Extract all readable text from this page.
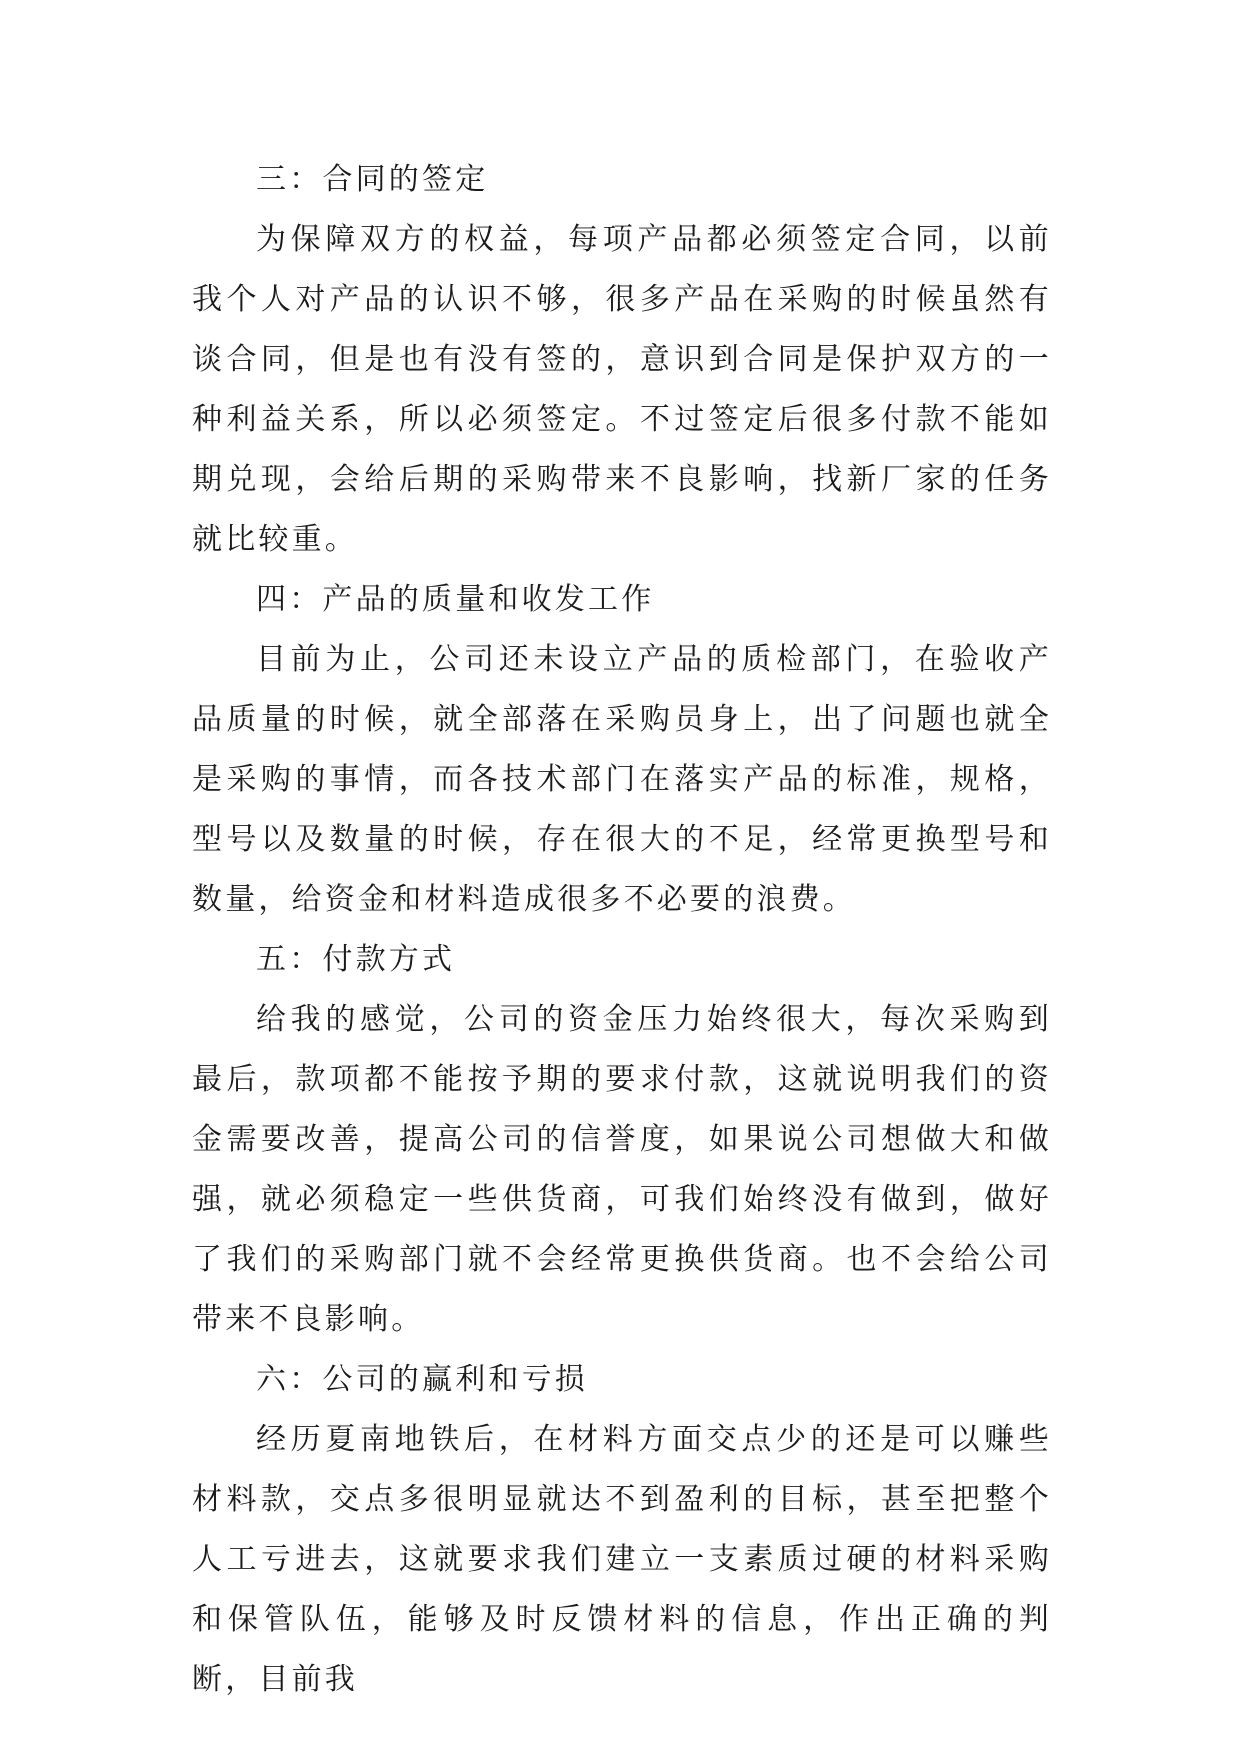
三：合同的签定

为保障双方的权益，每项产品都必须签定合同，以前我个人对产品的认识不够，很多产品在采购的时候虽然有谈合同，但是也有没有签的，意识到合同是保护双方的一种利益关系，所以必须签定。不过签定后很多付款不能如期兑现，会给后期的采购带来不良影响，找新厂家的任务就比较重。

四：产品的质量和收发工作

目前为止，公司还未设立产品的质检部门，在验收产品质量的时候，就全部落在采购员身上，出了问题也就全是采购的事情，而各技术部门在落实产品的标准，规格，型号以及数量的时候，存在很大的不足，经常更换型号和数量，给资金和材料造成很多不必要的浪费。

五：付款方式

给我的感觉，公司的资金压力始终很大，每次采购到最后，款项都不能按予期的要求付款，这就说明我们的资金需要改善，提高公司的信誉度，如果说公司想做大和做强，就必须稳定一些供货商，可我们始终没有做到，做好了我们的采购部门就不会经常更换供货商。也不会给公司带来不良影响。

六：公司的赢利和亏损

经历夏南地铁后，在材料方面交点少的还是可以赚些材料款，交点多很明显就达不到盈利的目标，甚至把整个人工亏进去，这就要求我们建立一支素质过硬的材料采购和保管队伍，能够及时反馈材料的信息，作出正确的判断，目前我
